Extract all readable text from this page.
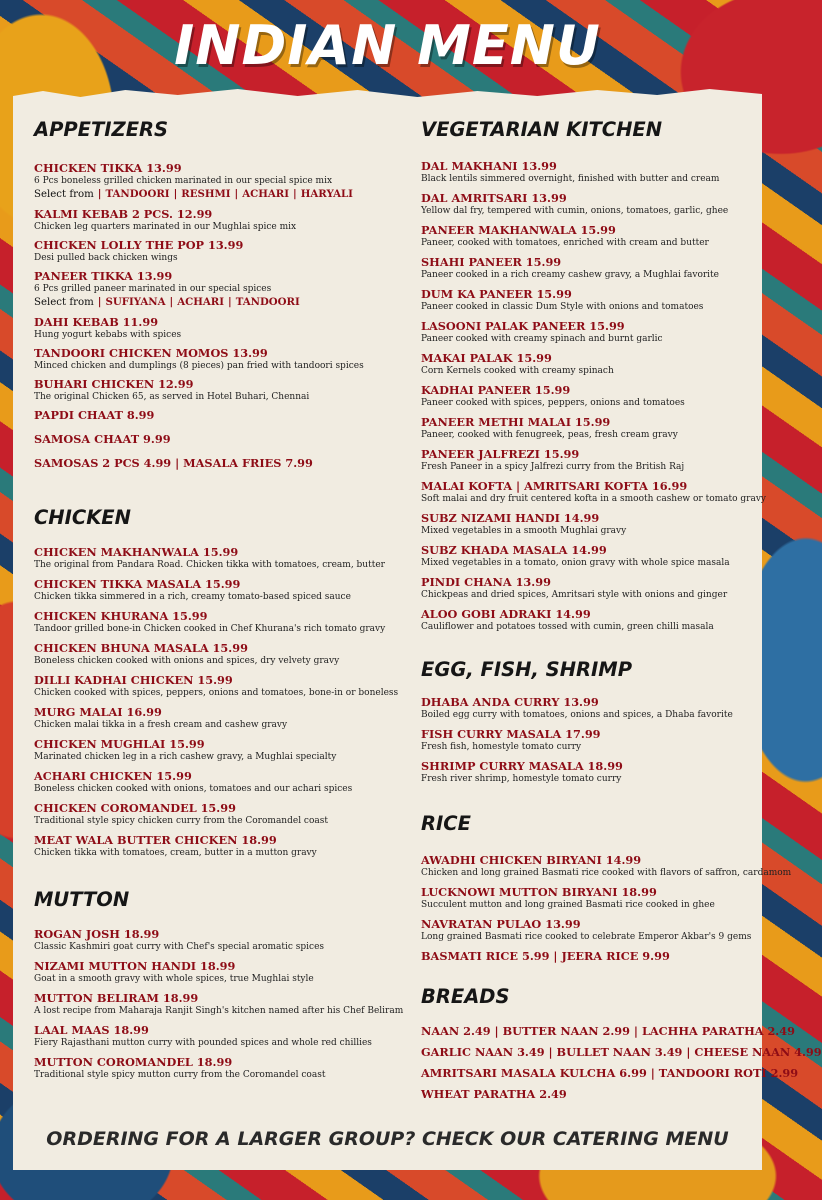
INDIAN MENU
APPETIZERS
CHICKEN TIKKA 13.99
6 Pcs boneless grilled chicken marinated in our special spice mix
Select from | TANDOORI | RESHMI | ACHARI | HARYALI
KALMI KEBAB 2 PCS. 12.99
Chicken leg quarters marinated in our Mughlai spice mix
CHICKEN LOLLY THE POP 13.99
Desi pulled back chicken wings
PANEER TIKKA 13.99
6 Pcs grilled paneer marinated in our special spices
Select from | SUFIYANA | ACHARI | TANDOORI
DAHI KEBAB 11.99
Hung yogurt kebabs with spices
TANDOORI CHICKEN MOMOS 13.99
Minced chicken and dumplings (8 pieces) pan fried with tandoori spices
BUHARI CHICKEN 12.99
The original Chicken 65, as served in Hotel Buhari, Chennai
PAPDI CHAAT 8.99
SAMOSA CHAAT 9.99
SAMOSAS 2 PCS 4.99 | MASALA FRIES 7.99
CHICKEN
CHICKEN MAKHANWALA 15.99
The original from Pandara Road. Chicken tikka with tomatoes, cream, butter
CHICKEN TIKKA MASALA 15.99
Chicken tikka simmered in a rich, creamy tomato-based spiced sauce
CHICKEN KHURANA 15.99
Tandoor grilled bone-in Chicken cooked in Chef Khurana's rich tomato gravy
CHICKEN BHUNA MASALA 15.99
Boneless chicken cooked with onions and spices, dry velvety gravy
DILLI KADHAI CHICKEN 15.99
Chicken cooked with spices, peppers, onions and tomatoes, bone-in or boneless
MURG MALAI 16.99
Chicken malai tikka in a fresh cream and cashew gravy
CHICKEN MUGHLAI 15.99
Marinated chicken leg in a rich cashew gravy, a Mughlai specialty
ACHARI CHICKEN 15.99
Boneless chicken cooked with onions, tomatoes and our achari spices
CHICKEN COROMANDEL 15.99
Traditional style spicy chicken curry from the Coromandel coast
MEAT WALA BUTTER CHICKEN 18.99
Chicken tikka with tomatoes, cream, butter in a mutton gravy
MUTTON
ROGAN JOSH 18.99
Classic Kashmiri goat curry with Chef's special aromatic spices
NIZAMI MUTTON HANDI 18.99
Goat in a smooth gravy with whole spices, true Mughlai style
MUTTON BELIRAM 18.99
A lost recipe from Maharaja Ranjit Singh's kitchen named after his Chef Beliram
LAAL MAAS 18.99
Fiery Rajasthani mutton curry with pounded spices and whole red chillies
MUTTON COROMANDEL 18.99
Traditional style spicy mutton curry from the Coromandel coast
VEGETARIAN KITCHEN
DAL MAKHANI 13.99
Black lentils simmered overnight, finished with butter and cream
DAL AMRITSARI 13.99
Yellow dal fry, tempered with cumin, onions, tomatoes, garlic, ghee
PANEER MAKHANWALA 15.99
Paneer, cooked with tomatoes, enriched with cream and butter
SHAHI PANEER 15.99
Paneer cooked in a rich creamy cashew gravy, a Mughlai favorite
DUM KA PANEER 15.99
Paneer cooked in classic Dum Style with onions and tomatoes
LASOONI PALAK PANEER 15.99
Paneer cooked with creamy spinach and burnt garlic
MAKAI PALAK 15.99
Corn Kernels cooked with creamy spinach
KADHAI PANEER 15.99
Paneer cooked with spices, peppers, onions and tomatoes
PANEER METHI MALAI 15.99
Paneer, cooked with fenugreek, peas, fresh cream gravy
PANEER JALFREZI 15.99
Fresh Paneer in a spicy Jalfrezi curry from the British Raj
MALAI KOFTA | AMRITSARI KOFTA 16.99
Soft malai and dry fruit centered kofta in a smooth cashew or tomato gravy
SUBZ NIZAMI HANDI 14.99
Mixed vegetables in a smooth Mughlai gravy
SUBZ KHADA MASALA 14.99
Mixed vegetables in a tomato, onion gravy with whole spice masala
PINDI CHANA 13.99
Chickpeas and dried spices, Amritsari style with onions and ginger
ALOO GOBI ADRAKI 14.99
Cauliflower and potatoes tossed with cumin, green chilli masala
EGG, FISH, SHRIMP
DHABA ANDA CURRY 13.99
Boiled egg curry with tomatoes, onions and spices, a Dhaba favorite
FISH CURRY MASALA 17.99
Fresh fish, homestyle tomato curry
SHRIMP CURRY MASALA 18.99
Fresh river shrimp, homestyle tomato curry
RICE
AWADHI CHICKEN BIRYANI 14.99
Chicken and long grained Basmati rice cooked with flavors of saffron, cardamom
LUCKNOWI MUTTON BIRYANI 18.99
Succulent mutton and long grained Basmati rice cooked in ghee
NAVRATAN PULAO 13.99
Long grained Basmati rice cooked to celebrate Emperor Akbar's 9 gems
BASMATI RICE 5.99 | JEERA RICE 9.99
BREADS
NAAN 2.49 | BUTTER NAAN 2.99 | LACHHA PARATHA 2.49
GARLIC NAAN 3.49 | BULLET NAAN 3.49 | CHEESE NAAN 4.99
AMRITSARI MASALA KULCHA 6.99 | TANDOORI ROTI 2.99
WHEAT PARATHA 2.49
ORDERING FOR A LARGER GROUP? CHECK OUR CATERING MENU
